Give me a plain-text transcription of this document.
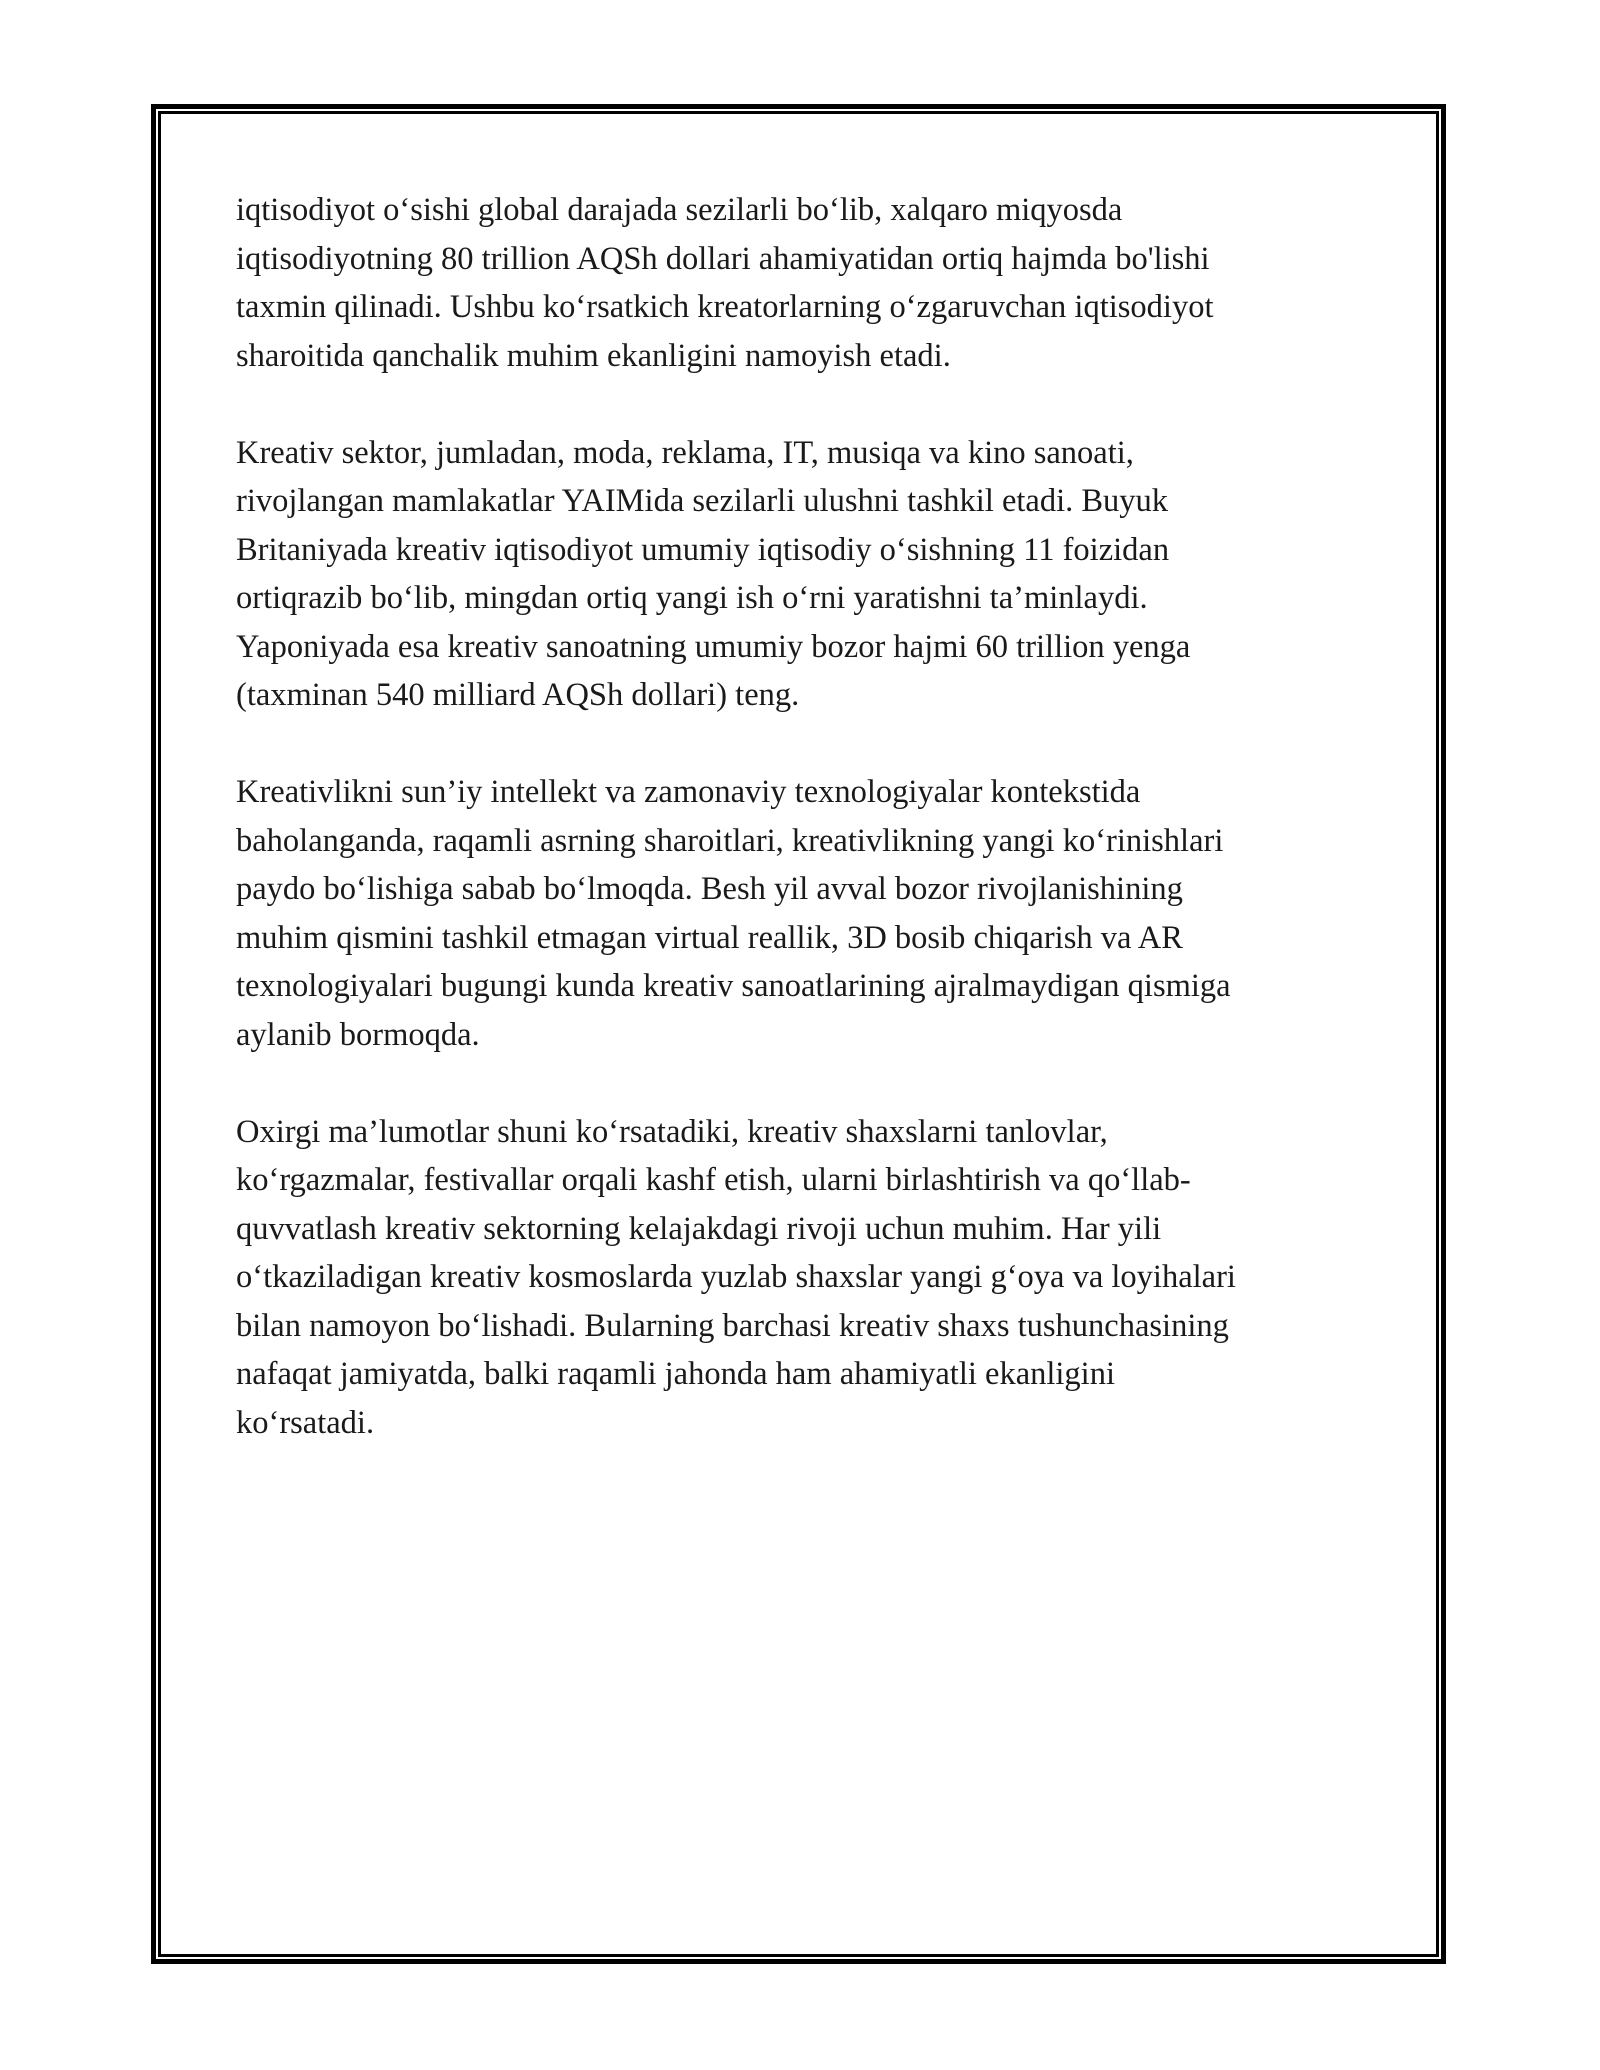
iqtisodiyot o‘sishi global darajada sezilarli bo‘lib, xalqaro miqyosda
iqtisodiyotning 80 trillion AQSh dollari ahamiyatidan ortiq hajmda bo'lishi
taxmin qilinadi. Ushbu ko‘rsatkich kreatorlarning o‘zgaruvchan iqtisodiyot
sharoitida qanchalik muhim ekanligini namoyish etadi.

Kreativ sektor, jumladan, moda, reklama, IT, musiqa va kino sanoati,
rivojlangan mamlakatlar YAIMida sezilarli ulushni tashkil etadi. Buyuk
Britaniyada kreativ iqtisodiyot umumiy iqtisodiy o‘sishning 11 foizidan
ortiqrazib bo‘lib, mingdan ortiq yangi ish o‘rni yaratishni ta’minlaydi.
Yaponiyada esa kreativ sanoatning umumiy bozor hajmi 60 trillion yenga
(taxminan 540 milliard AQSh dollari) teng.

Kreativlikni sun’iy intellekt va zamonaviy texnologiyalar kontekstida
baholanganda, raqamli asrning sharoitlari, kreativlikning yangi ko‘rinishlari
paydo bo‘lishiga sabab bo‘lmoqda. Besh yil avval bozor rivojlanishining
muhim qismini tashkil etmagan virtual reallik, 3D bosib chiqarish va AR
texnologiyalari bugungi kunda kreativ sanoatlarining ajralmaydigan qismiga
aylanib bormoqda.

Oxirgi ma’lumotlar shuni ko‘rsatadiki, kreativ shaxslarni tanlovlar,
ko‘rgazmalar, festivallar orqali kashf etish, ularni birlashtirish va qo‘llab-
quvvatlash kreativ sektorning kelajakdagi rivoji uchun muhim. Har yili
o‘tkaziladigan kreativ kosmoslarda yuzlab shaxslar yangi g‘oya va loyihalari
bilan namoyon bo‘lishadi. Bularning barchasi kreativ shaxs tushunchasining
nafaqat jamiyatda, balki raqamli jahonda ham ahamiyatli ekanligini
ko‘rsatadi.
